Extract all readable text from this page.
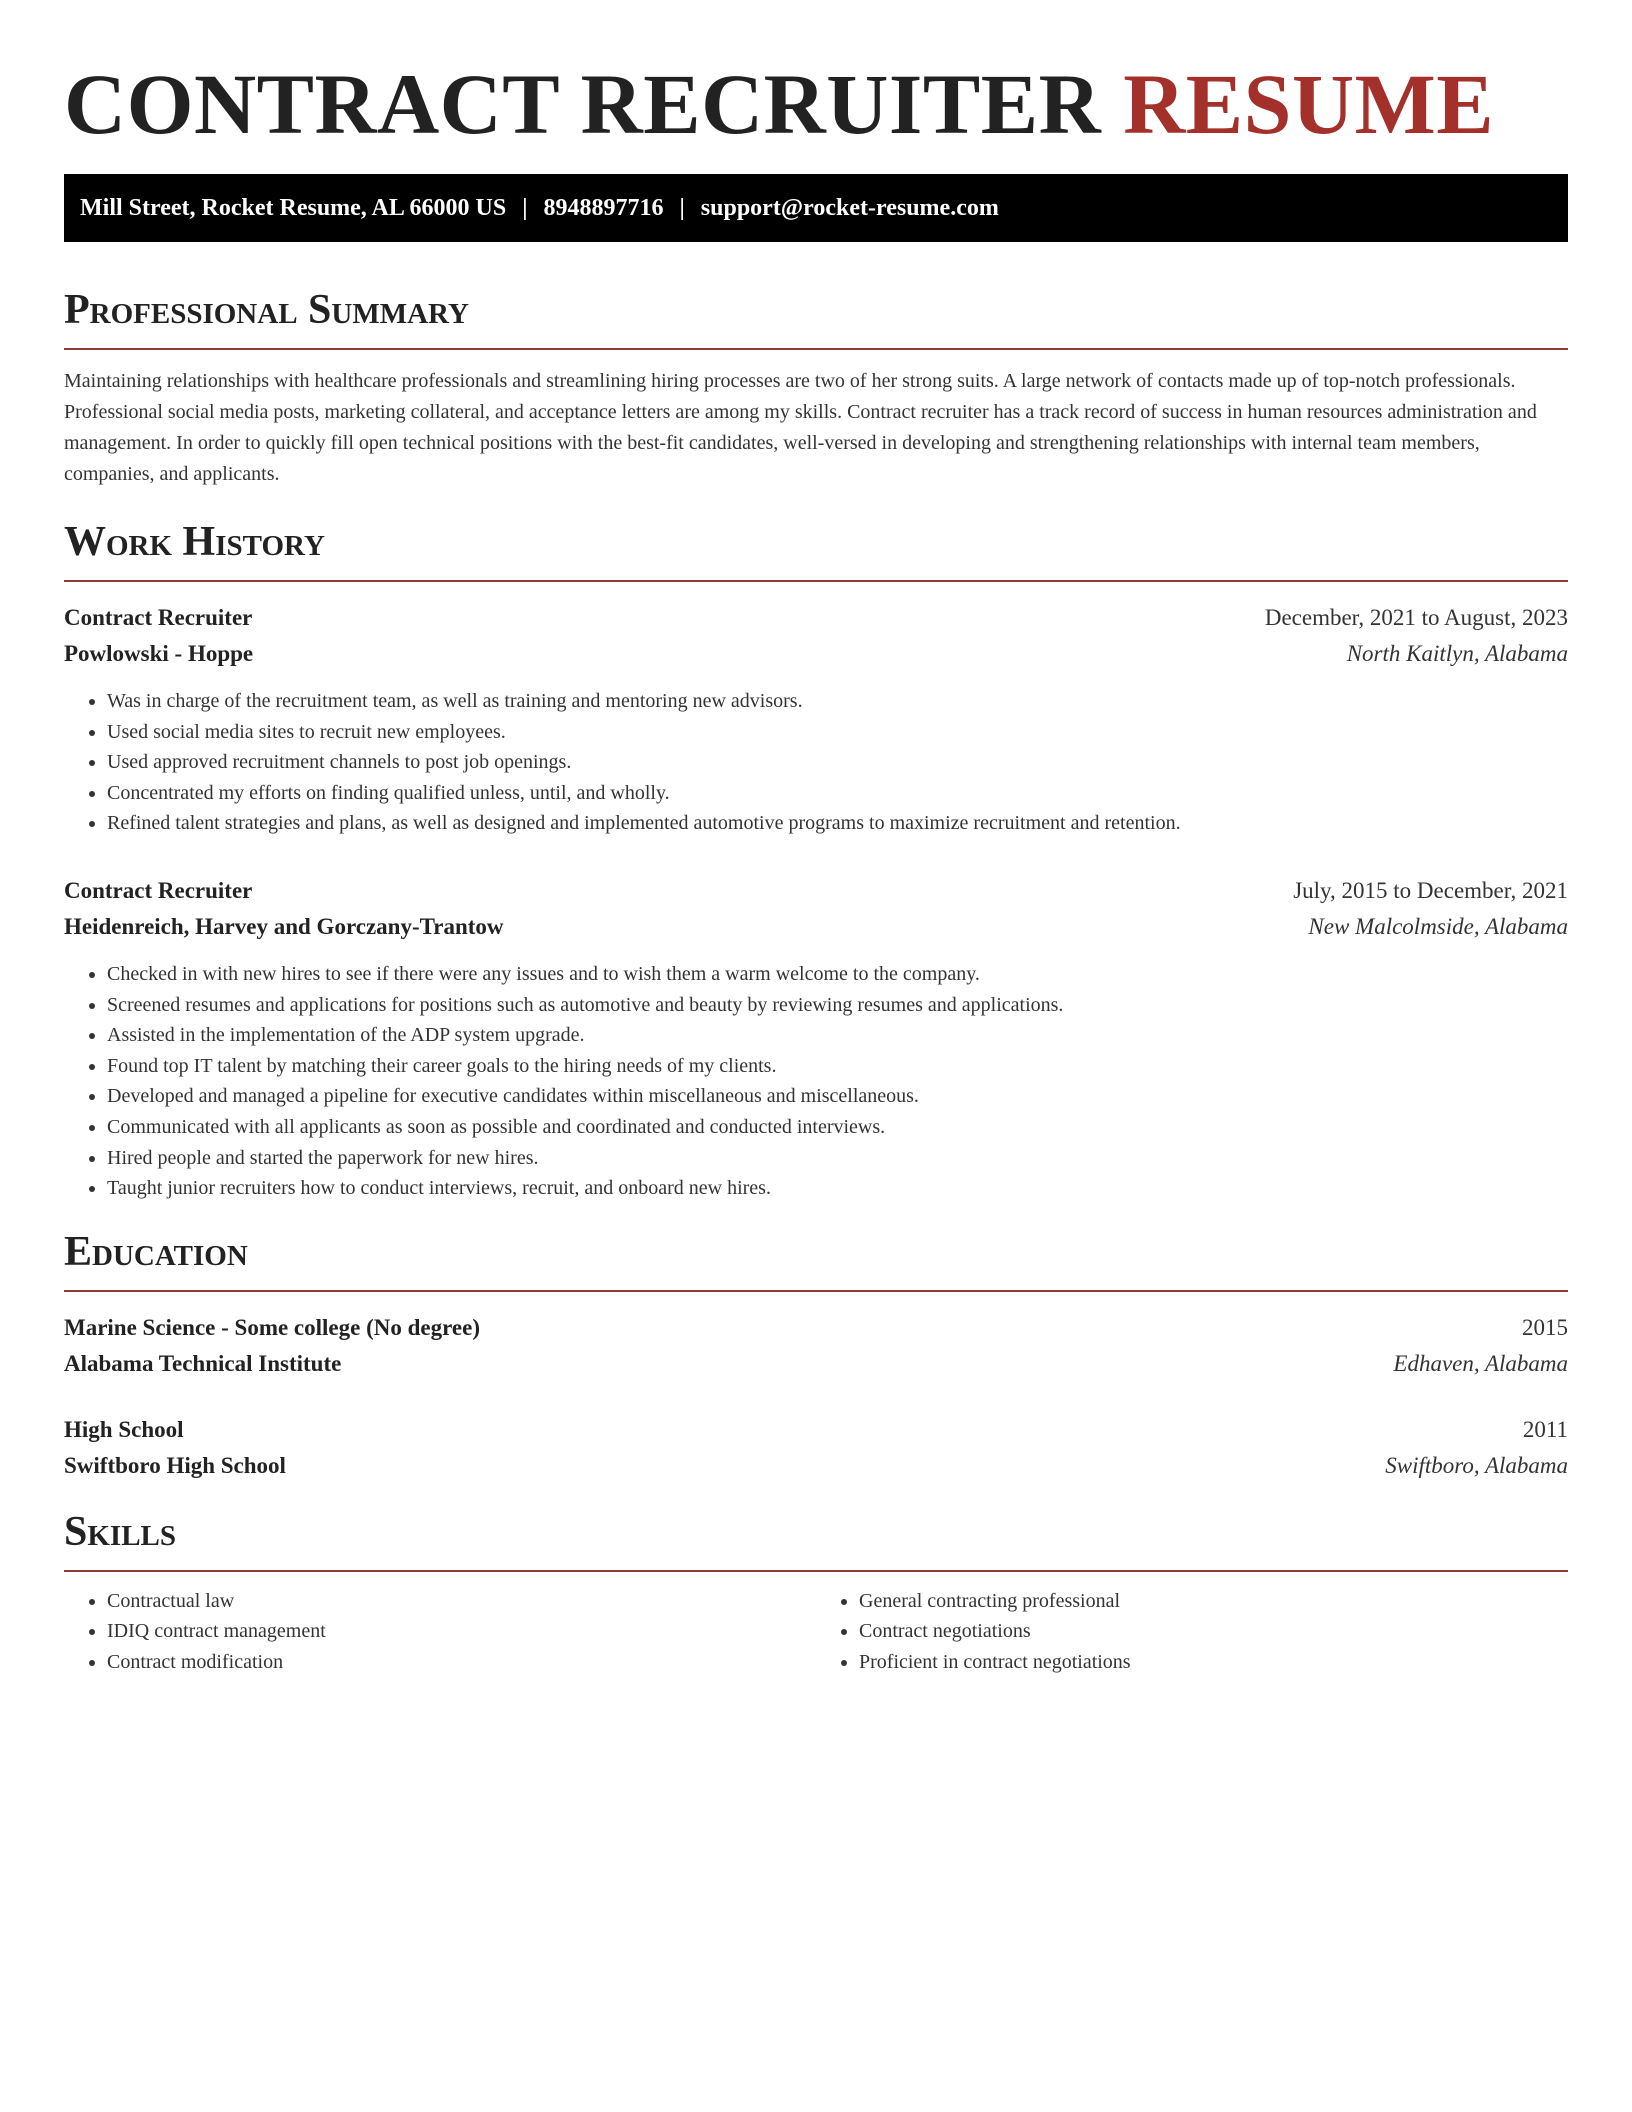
CONTRACT RECRUITER RESUME
Mill Street, Rocket Resume, AL 66000 US | 8948897716 | support@rocket-resume.com
Professional Summary

Maintaining relationships with healthcare professionals and streamlining hiring processes are two of her strong suits. A large network of contacts made up of top-notch professionals. Professional social media posts, marketing collateral, and acceptance letters are among my skills. Contract recruiter has a track record of success in human resources administration and management. In order to quickly fill open technical positions with the best-fit candidates, well-versed in developing and strengthening relationships with internal team members, companies, and applicants.

Work History
Contract Recruiter	December, 2021 to August, 2023
Powlowski - Hoppe	North Kaitlyn, Alabama
• Was in charge of the recruitment team, as well as training and mentoring new advisors.
• Used social media sites to recruit new employees.
• Used approved recruitment channels to post job openings.
• Concentrated my efforts on finding qualified unless, until, and wholly.
• Refined talent strategies and plans, as well as designed and implemented automotive programs to maximize recruitment and retention.
Contract Recruiter	July, 2015 to December, 2021
Heidenreich, Harvey and Gorczany-Trantow	New Malcolmside, Alabama
• Checked in with new hires to see if there were any issues and to wish them a warm welcome to the company.
• Screened resumes and applications for positions such as automotive and beauty by reviewing resumes and applications.
• Assisted in the implementation of the ADP system upgrade.
• Found top IT talent by matching their career goals to the hiring needs of my clients.
• Developed and managed a pipeline for executive candidates within miscellaneous and miscellaneous.
• Communicated with all applicants as soon as possible and coordinated and conducted interviews.
• Hired people and started the paperwork for new hires.
• Taught junior recruiters how to conduct interviews, recruit, and onboard new hires.
Education
Marine Science - Some college (No degree)	2015
Alabama Technical Institute	Edhaven, Alabama
High School	2011
Swiftboro High School	Swiftboro, Alabama
Skills
• Contractual law
• IDIQ contract management
• Contract modification
• General contracting professional
• Contract negotiations
• Proficient in contract negotiations
